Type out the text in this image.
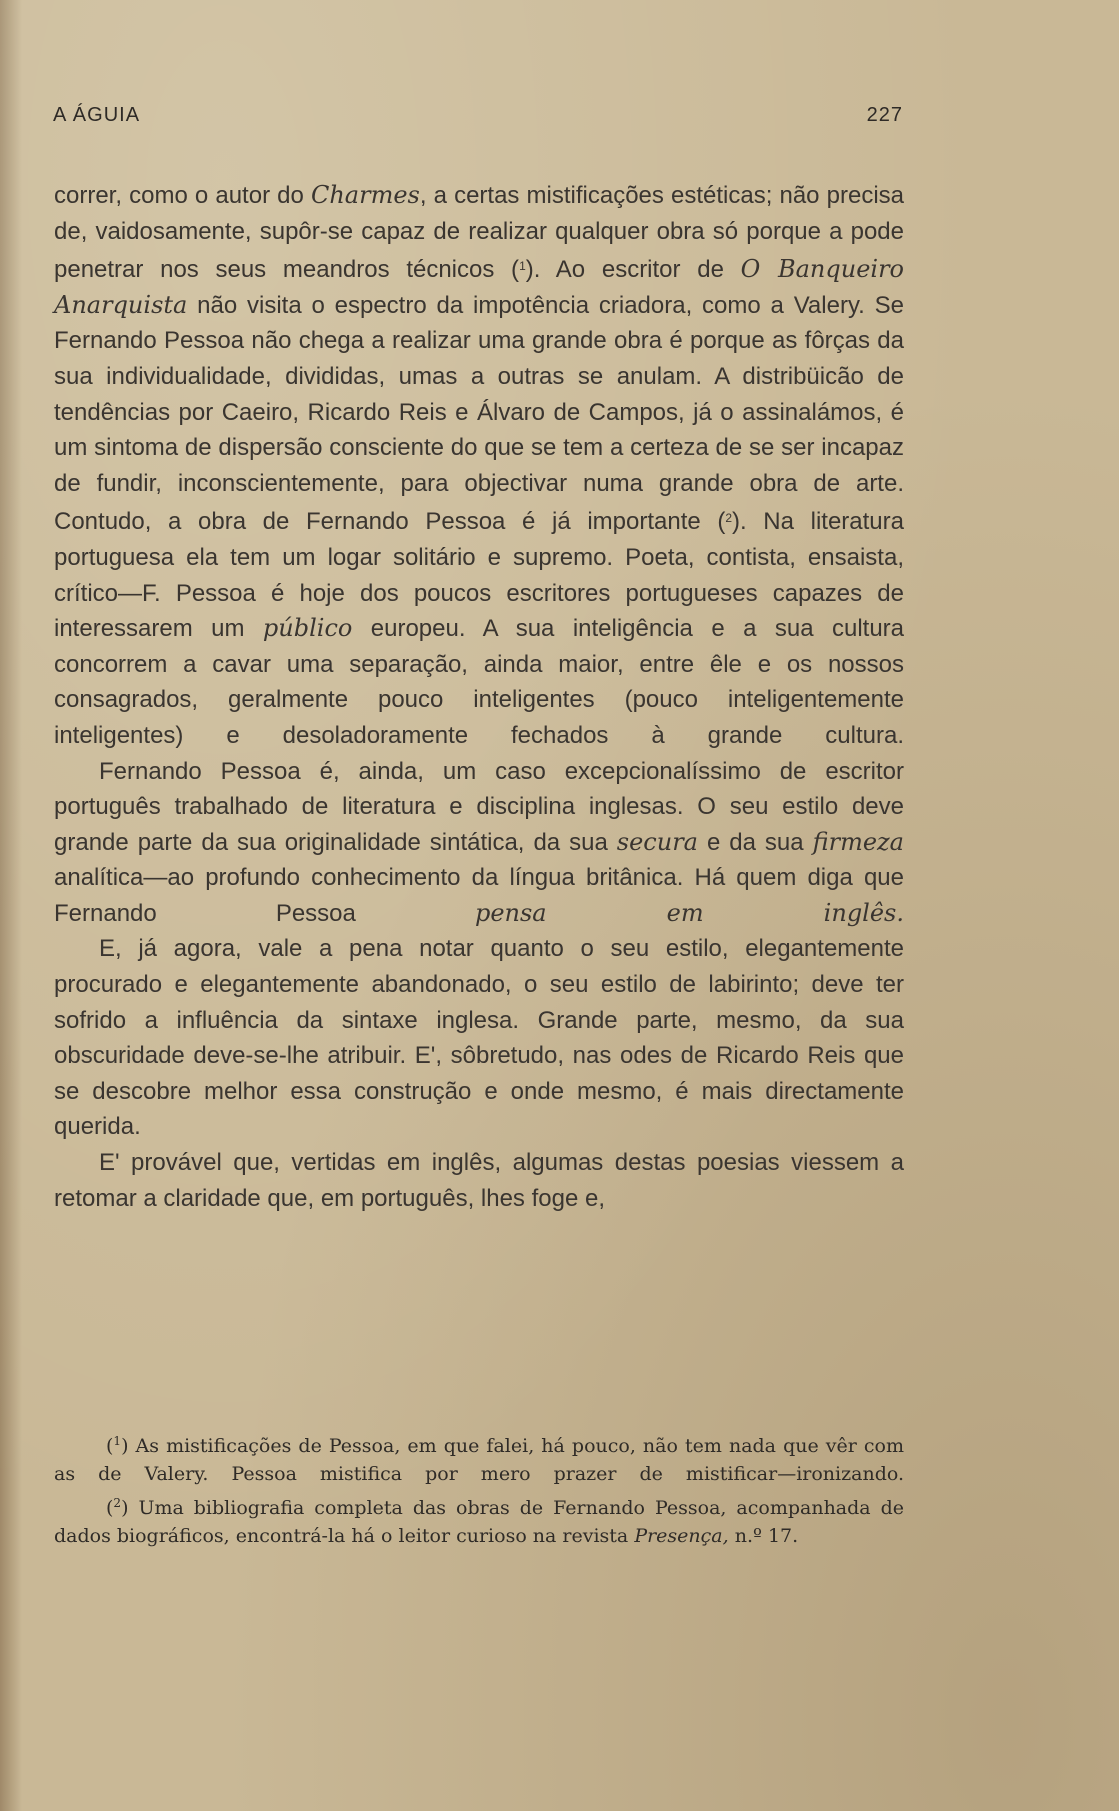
A ÁGUIA	227

correr, como o autor do Charmes, a certas mistificações estéticas; não precisa de, vaidosamente, supôr-se capaz de realizar qualquer obra só porque a pode penetrar nos seus meandros técnicos ($^1$). Ao escritor de O Banqueiro Anarquista não visita o espectro da impotência criadora, como a Valery. Se Fernando Pessoa não chega a realizar uma grande obra é porque as fôrças da sua individualidade, divididas, umas a outras se anulam. A distribüicão de tendências por Caeiro, Ricardo Reis e Álvaro de Campos, já o assinalámos, é um sintoma de dispersão consciente do que se tem a certeza de se ser incapaz de fundir, inconscientemente, para objectivar numa grande obra de arte. Contudo, a obra de Fernando Pessoa é já importante ($^2$). Na literatura portuguesa ela tem um logar solitário e supremo. Poeta, contista, ensaista, crítico—F. Pessoa é hoje dos poucos escritores portugueses capazes de interessarem um público europeu. A sua inteligência e a sua cultura concorrem a cavar uma separação, ainda maior, entre êle e os nossos consagrados, geralmente pouco inteligentes (pouco inteligentemente inteligentes) e desoladoramente fechados à grande cultura.

Fernando Pessoa é, ainda, um caso excepcionalíssimo de escritor português trabalhado de literatura e disciplina inglesas. O seu estilo deve grande parte da sua originalidade sintática, da sua secura e da sua firmeza analítica—ao profundo conhecimento da língua britânica. Há quem diga que Fernando Pessoa pensa em inglês.

E, já agora, vale a pena notar quanto o seu estilo, elegantemente procurado e elegantemente abandonado, o seu estilo de labirinto; deve ter sofrido a influência da sintaxe inglesa. Grande parte, mesmo, da sua obscuridade deve-se-lhe atribuir. E', sôbretudo, nas odes de Ricardo Reis que se descobre melhor essa construção e onde mesmo, é mais directamente querida.

E' provável que, vertidas em inglês, algumas destas poesias viessem a retomar a claridade que, em português, lhes foge e,

($^1$) As mistificações de Pessoa, em que falei, há pouco, não tem nada que vêr com as de Valery. Pessoa mistifica por mero prazer de mistificar—ironizando.

($^2$) Uma bibliografia completa das obras de Fernando Pessoa, acompanhada de dados biográficos, encontrá-la há o leitor curioso na revista Presença, n.º 17.
